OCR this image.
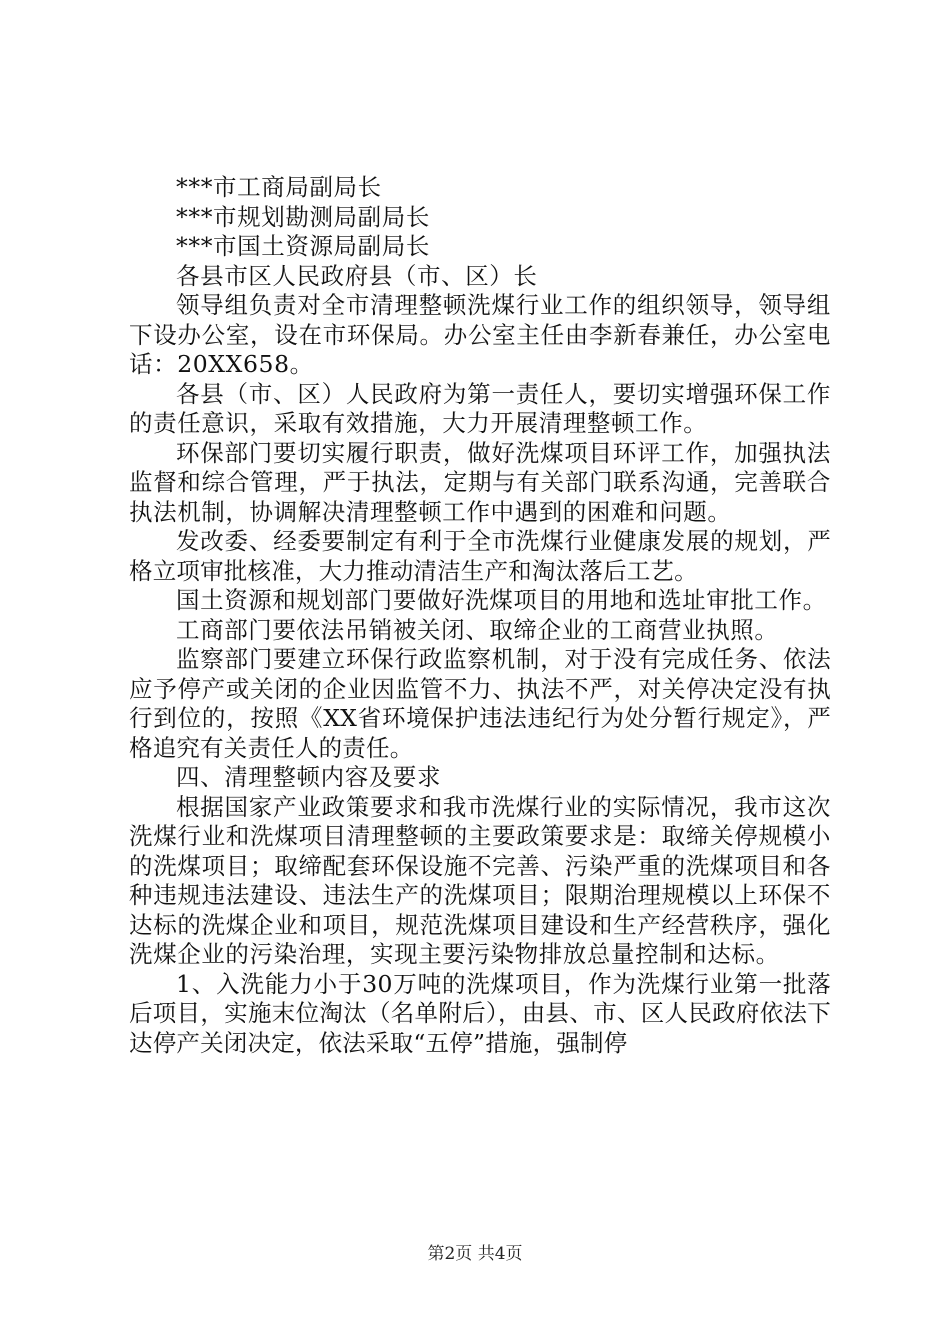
***市工商局副局长

***市规划勘测局副局长

***市国土资源局副局长

各县市区人民政府县（市、区）长

领导组负责对全市清理整顿洗煤行业工作的组织领导，领导组下设办公室，设在市环保局。办公室主任由李新春兼任，办公室电话：20XX658。

各县（市、区）人民政府为第一责任人，要切实增强环保工作的责任意识，采取有效措施，大力开展清理整顿工作。

环保部门要切实履行职责，做好洗煤项目环评工作，加强执法监督和综合管理，严于执法，定期与有关部门联系沟通，完善联合执法机制，协调解决清理整顿工作中遇到的困难和问题。

发改委、经委要制定有利于全市洗煤行业健康发展的规划，严格立项审批核准，大力推动清洁生产和淘汰落后工艺。

国土资源和规划部门要做好洗煤项目的用地和选址审批工作。

工商部门要依法吊销被关闭、取缔企业的工商营业执照。

监察部门要建立环保行政监察机制，对于没有完成任务、依法应予停产或关闭的企业因监管不力、执法不严，对关停决定没有执行到位的，按照《XX省环境保护违法违纪行为处分暂行规定》，严格追究有关责任人的责任。

四、清理整顿内容及要求

根据国家产业政策要求和我市洗煤行业的实际情况，我市这次洗煤行业和洗煤项目清理整顿的主要政策要求是：取缔关停规模小的洗煤项目；取缔配套环保设施不完善、污染严重的洗煤项目和各种违规违法建设、违法生产的洗煤项目；限期治理规模以上环保不达标的洗煤企业和项目，规范洗煤项目建设和生产经营秩序，强化洗煤企业的污染治理，实现主要污染物排放总量控制和达标。

1、入洗能力小于30万吨的洗煤项目，作为洗煤行业第一批落后项目，实施末位淘汰（名单附后），由县、市、区人民政府依法下达停产关闭决定，依法采取“五停”措施，强制停

第2页 共4页
